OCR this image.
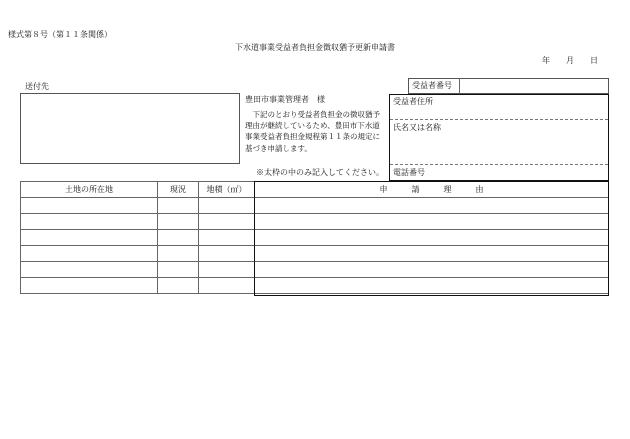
様式第８号（第１１条関係）
下水道事業受益者負担金徴収猶予更新申請書
年　　月　　日
送付先
豊田市事業管理者　様
　下記のとおり受益者負担金の徴収猶予理由が継続しているため、豊田市下水道事業受益者負担金規程第１１条の規定に基づき申請します。
※太枠の中のみ記入してください。
受益者番号
受益者住所
氏名又は名称
電話番号
土地の所在地	現況	地積（㎡）	申　　　請　　　理　　　由
